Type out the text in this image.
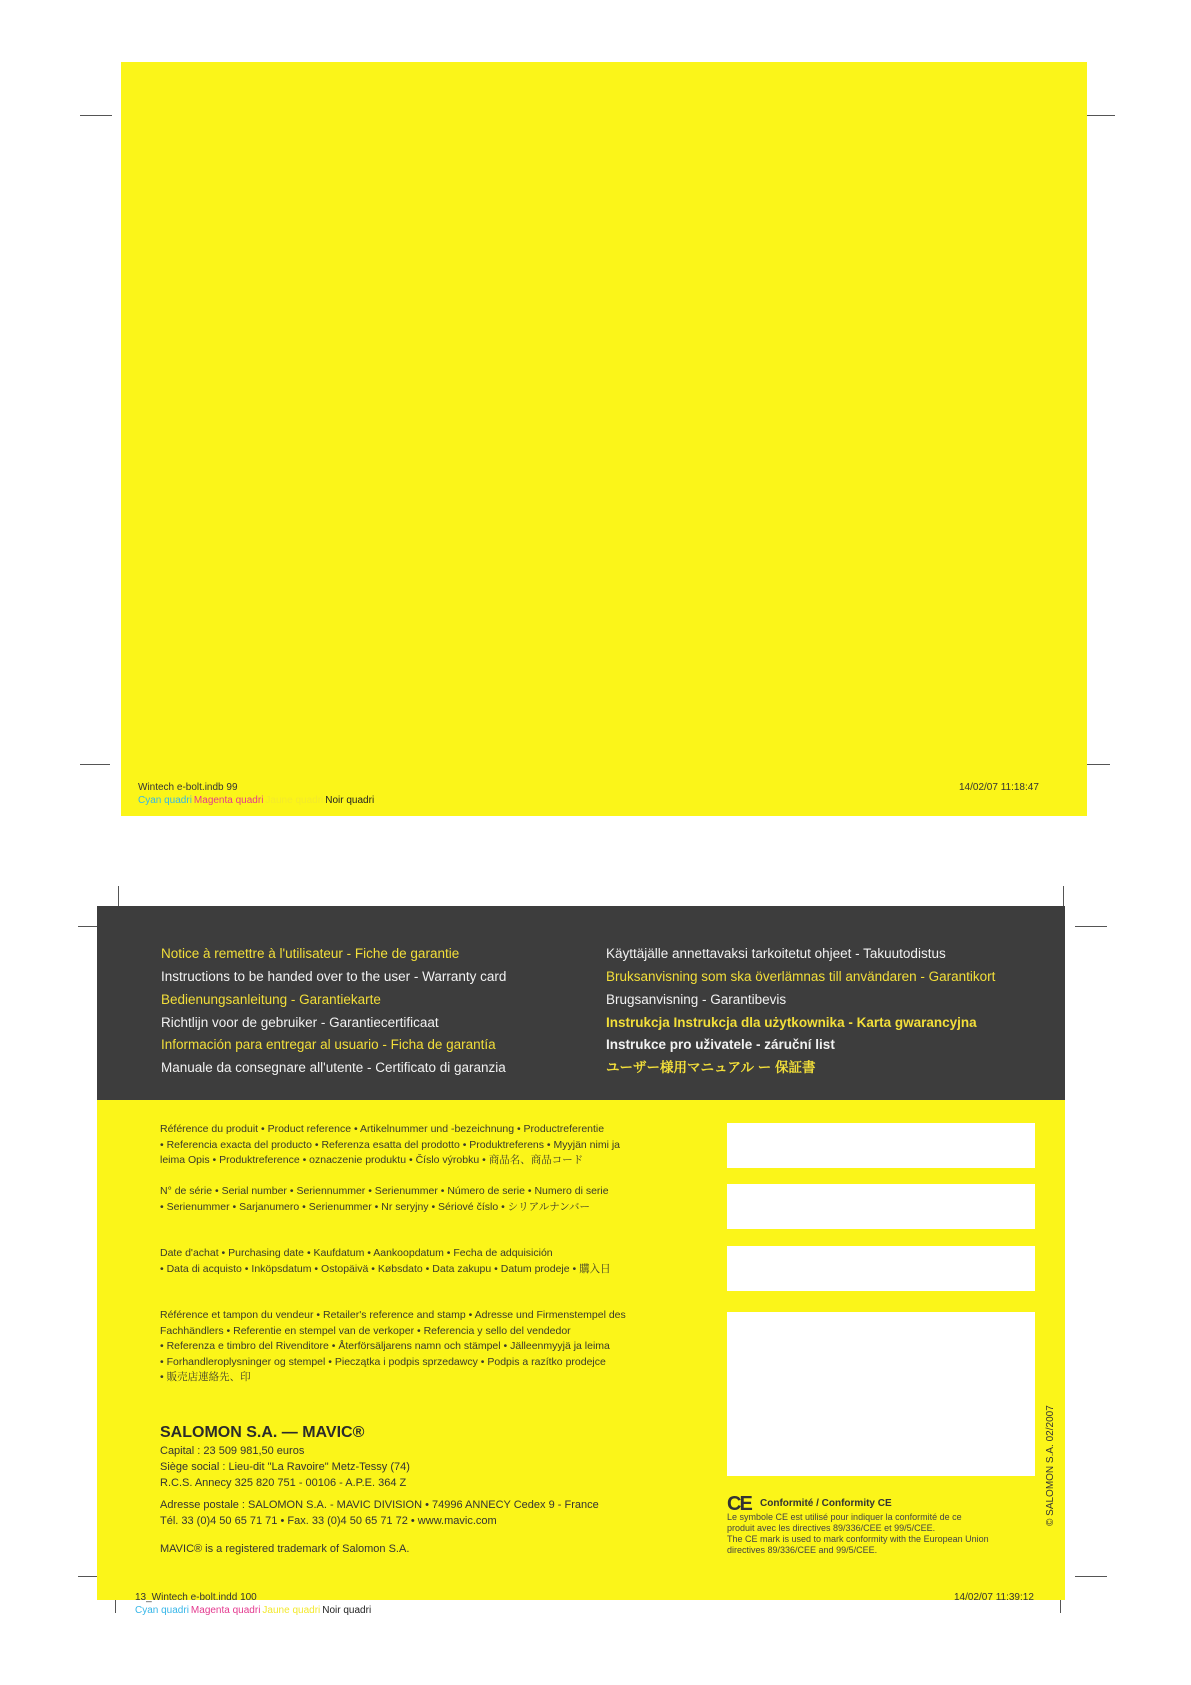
Wintech e-bolt.indb 99	14/02/07 11:18:47
Cyan quadri Magenta quadri Jaune quadri Noir quadri
Notice à remettre à l'utilisateur - Fiche de garantie
Instructions to be handed over to the user - Warranty card
Bedienungsanleitung - Garantiekarte
Richtlijn voor de gebruiker - Garantiecertificaat
Información para entregar al usuario - Ficha de garantía
Manuale da consegnare all'utente - Certificato di garanzia
Käyttäjälle annettavaksi tarkoitetut ohjeet - Takuutodistus
Bruksanvisning som ska överlämnas till användaren - Garantikort
Brugsanvisning - Garantibevis
Instrukcja Instrukcja dla użytkownika - Karta gwarancyjna
Instrukce pro uživatele - záruční list
ユーザー様用マニュアル ー 保証書
Référence du produit • Product reference • Artikelnummer und -bezeichnung • Productreferentie
• Referencia exacta del producto • Referenza esatta del prodotto • Produktreferens • Myyjän nimi ja
leima Opis • Produktreference • oznaczenie produktu • Číslo výrobku • 商品名、商品コード
N° de série • Serial number • Seriennummer • Serienummer • Número de serie • Numero di serie
• Serienummer • Sarjanumero • Serienummer • Nr seryjny • Sériové číslo • シリアルナンバー
Date d'achat • Purchasing date • Kaufdatum • Aankoopdatum • Fecha de adquisición
• Data di acquisto • Inköpsdatum • Ostopäivä • Købsdato • Data zakupu • Datum prodeje • 購入日
Référence et tampon du vendeur • Retailer's reference and stamp • Adresse und Firmenstempel des
Fachhändlers • Referentie en stempel van de verkoper • Referencia y sello del vendedor
• Referenza e timbro del Rivenditore • Återförsäljarens namn och stämpel • Jälleenmyyjä ja leima
• Forhandleroplysninger og stempel • Pieczątka i podpis sprzedawcy • Podpis a razítko prodejce
• 販売店連絡先、印
SALOMON S.A. — MAVIC®
Capital : 23 509 981,50 euros
Siège social : Lieu-dit "La Ravoire" Metz-Tessy (74)
R.C.S. Annecy 325 820 751 - 00106 - A.P.E. 364 Z
Adresse postale : SALOMON S.A. - MAVIC DIVISION • 74996 ANNECY Cedex 9 - France
Tél. 33 (0)4 50 65 71 71 • Fax. 33 (0)4 50 65 71 72 • www.mavic.com
MAVIC® is a registered trademark of Salomon S.A.
CE Conformité / Conformity CE
Le symbole CE est utilisé pour indiquer la conformité de ce
produit avec les directives 89/336/CEE et 99/5/CEE.
The CE mark is used to mark conformity with the European Union
directives 89/336/CEE and 99/5/CEE.
© SALOMON S.A. 02/2007
13_Wintech e-bolt.indd 100	14/02/07 11:39:12
Cyan quadri Magenta quadri Jaune quadri Noir quadri
